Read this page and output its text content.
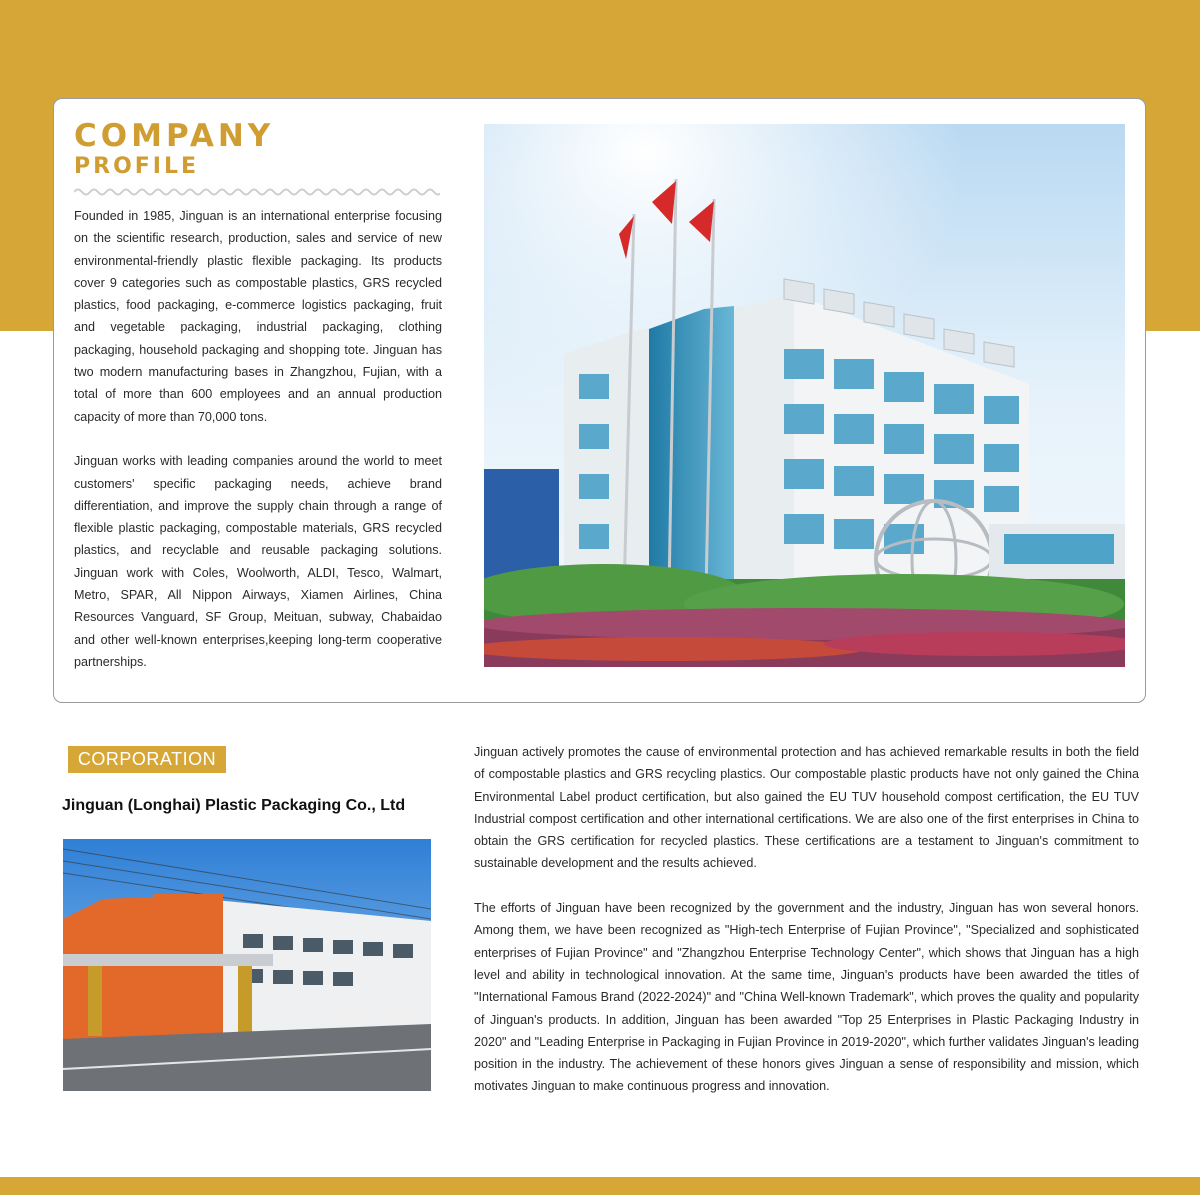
COMPANY
PROFILE

Founded in 1985, Jinguan is an international enterprise focusing on the scientific research, production, sales and service of new environmental-friendly plastic flexible packaging. Its products cover 9 categories such as compostable plastics, GRS recycled plastics, food packaging, e-commerce logistics packaging, fruit and vegetable packaging, industrial packaging, clothing packaging, household packaging and shopping tote. Jinguan has two modern manufacturing bases in Zhangzhou, Fujian, with a total of more than 600 employees and an annual production capacity of more than 70,000 tons.

Jinguan works with leading companies around the world to meet customers' specific packaging needs, achieve brand differentiation, and improve the supply chain through a range of flexible plastic packaging, compostable materials, GRS recycled plastics, and recyclable and reusable packaging solutions. Jinguan work with Coles, Woolworth, ALDI, Tesco, Walmart, Metro, SPAR, All Nippon Airways, Xiamen Airlines, China Resources Vanguard, SF Group, Meituan, subway, Chabaidao and other well-known enterprises,keeping long-term cooperative partnerships.

CORPORATION
Jinguan (Longhai) Plastic Packaging Co., Ltd

Jinguan actively promotes the cause of environmental protection and has achieved remarkable results in both the field of compostable plastics and GRS recycling plastics. Our compostable plastic products have not only gained the China Environmental Label product certification, but also gained the EU TUV household compost certification, the EU TUV Industrial compost certification and other international certifications. We are also one of the first enterprises in China to obtain the GRS certification for recycled plastics. These certifications are a testament to Jinguan's commitment to sustainable development and the results achieved.

The efforts of Jinguan have been recognized by the government and the industry, Jinguan has won several honors. Among them, we have been recognized as "High-tech Enterprise of Fujian Province", "Specialized and sophisticated enterprises of Fujian Province" and "Zhangzhou Enterprise Technology Center", which shows that Jinguan has a high level and ability in technological innovation. At the same time, Jinguan's products have been awarded the titles of "International Famous Brand (2022-2024)" and "China Well-known Trademark", which proves the quality and popularity of Jinguan's products. In addition, Jinguan has been awarded "Top 25 Enterprises in Plastic Packaging Industry in 2020" and "Leading Enterprise in Packaging in Fujian Province in 2019-2020", which further validates Jinguan's leading position in the industry. The achievement of these honors gives Jinguan a sense of responsibility and mission, which motivates Jinguan to make continuous progress and innovation.
